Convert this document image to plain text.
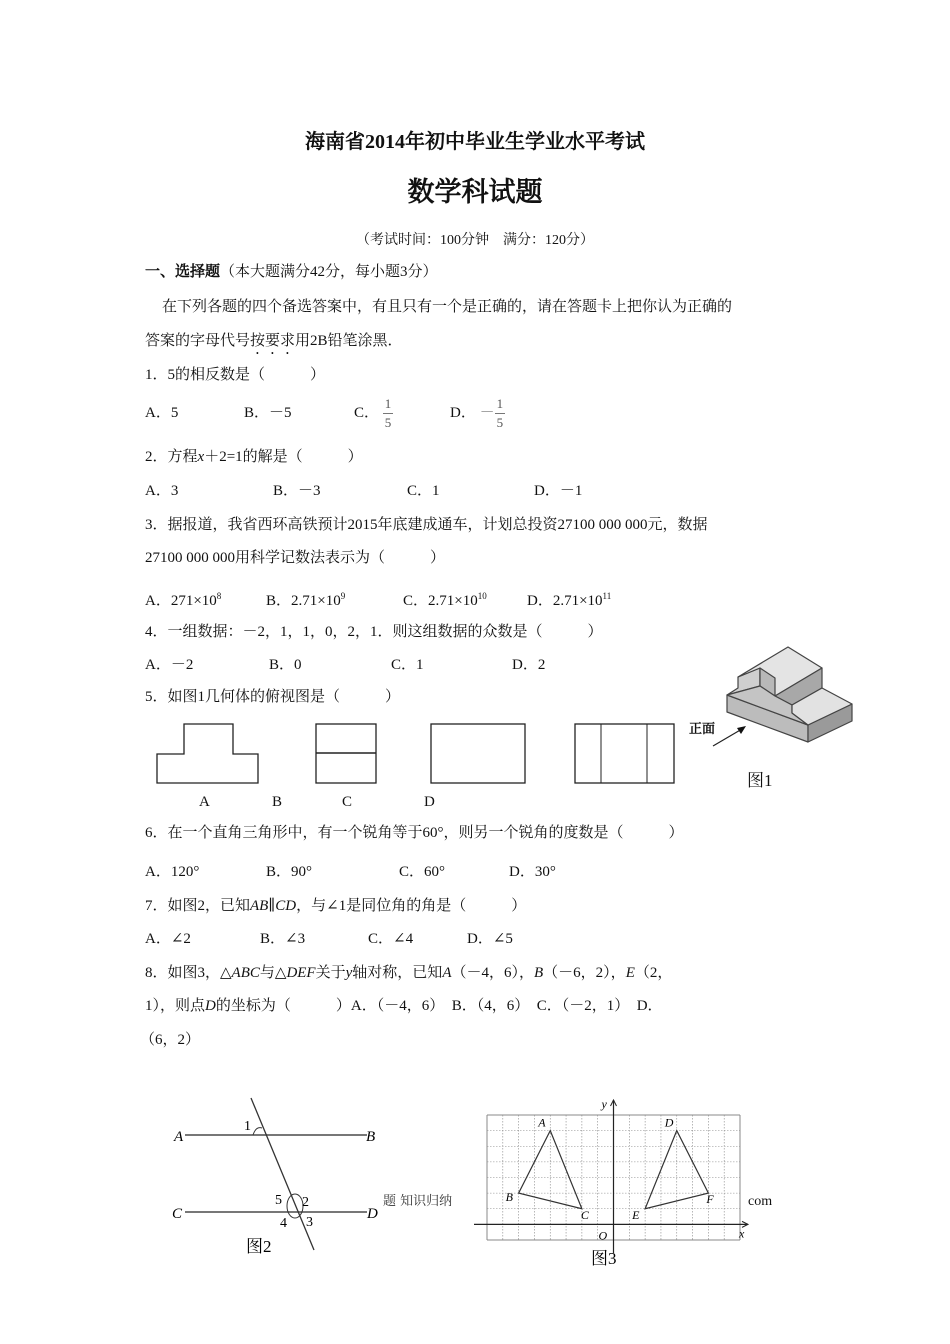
海南省2014年初中毕业生学业水平考试
数学科试题
（考试时间：100分钟　满分：120分）
一、选择题（本大题满分42分，每小题3分）
在下列各题的四个备选答案中，有且只有一个是正确的，请在答题卡上把你认为正确的
答案的字母代号按要求用2B铅笔涂黑．
1．5的相反数是（　　　）
A．5	B．－5	C． $\frac{1}{5}$	D． － $\frac{1}{5}$
2．方程x＋2=1的解是（　　　）
A．3	B．－3	C．1	D．－1
3．据报道，我省西环高铁预计2015年底建成通车，计划总投资27100 000 000元，数据
27100 000 000用科学记数法表示为（　　　）
A．$271\times 10^8$	B．$2.71\times 10^9$	C．$2.71\times 10^{10}$	D．$2.71\times 10^{11}$
4．一组数据：－2，1，1，0，2，1．则这组数据的众数是（　　　）
A．－2	B．0	C．1	D．2
5．如图1几何体的俯视图是（　　　）
正面
图1
A	B	C	D
6．在一个直角三角形中，有一个锐角等于60°，则另一个锐角的度数是（　　　）
A．120°	B．90°	C．60°	D．30°
7．如图2，已知AB∥CD，与∠1是同位角的角是（　　　）
A．∠2	B．∠3	C．∠4	D．∠5
8．如图3，△ABC与△DEF关于y轴对称，已知A（－4，6），B（－6，2），E（2，
1），则点D的坐标为（　　　）A．（－4，6）　B．（4，6）　C．（－2，1）　D．
（6，2）
A	B
C	D
1
2
3
4
5
图2
题 知识归纳	com
A
B
C
D
E
F
O	x
y
图3
